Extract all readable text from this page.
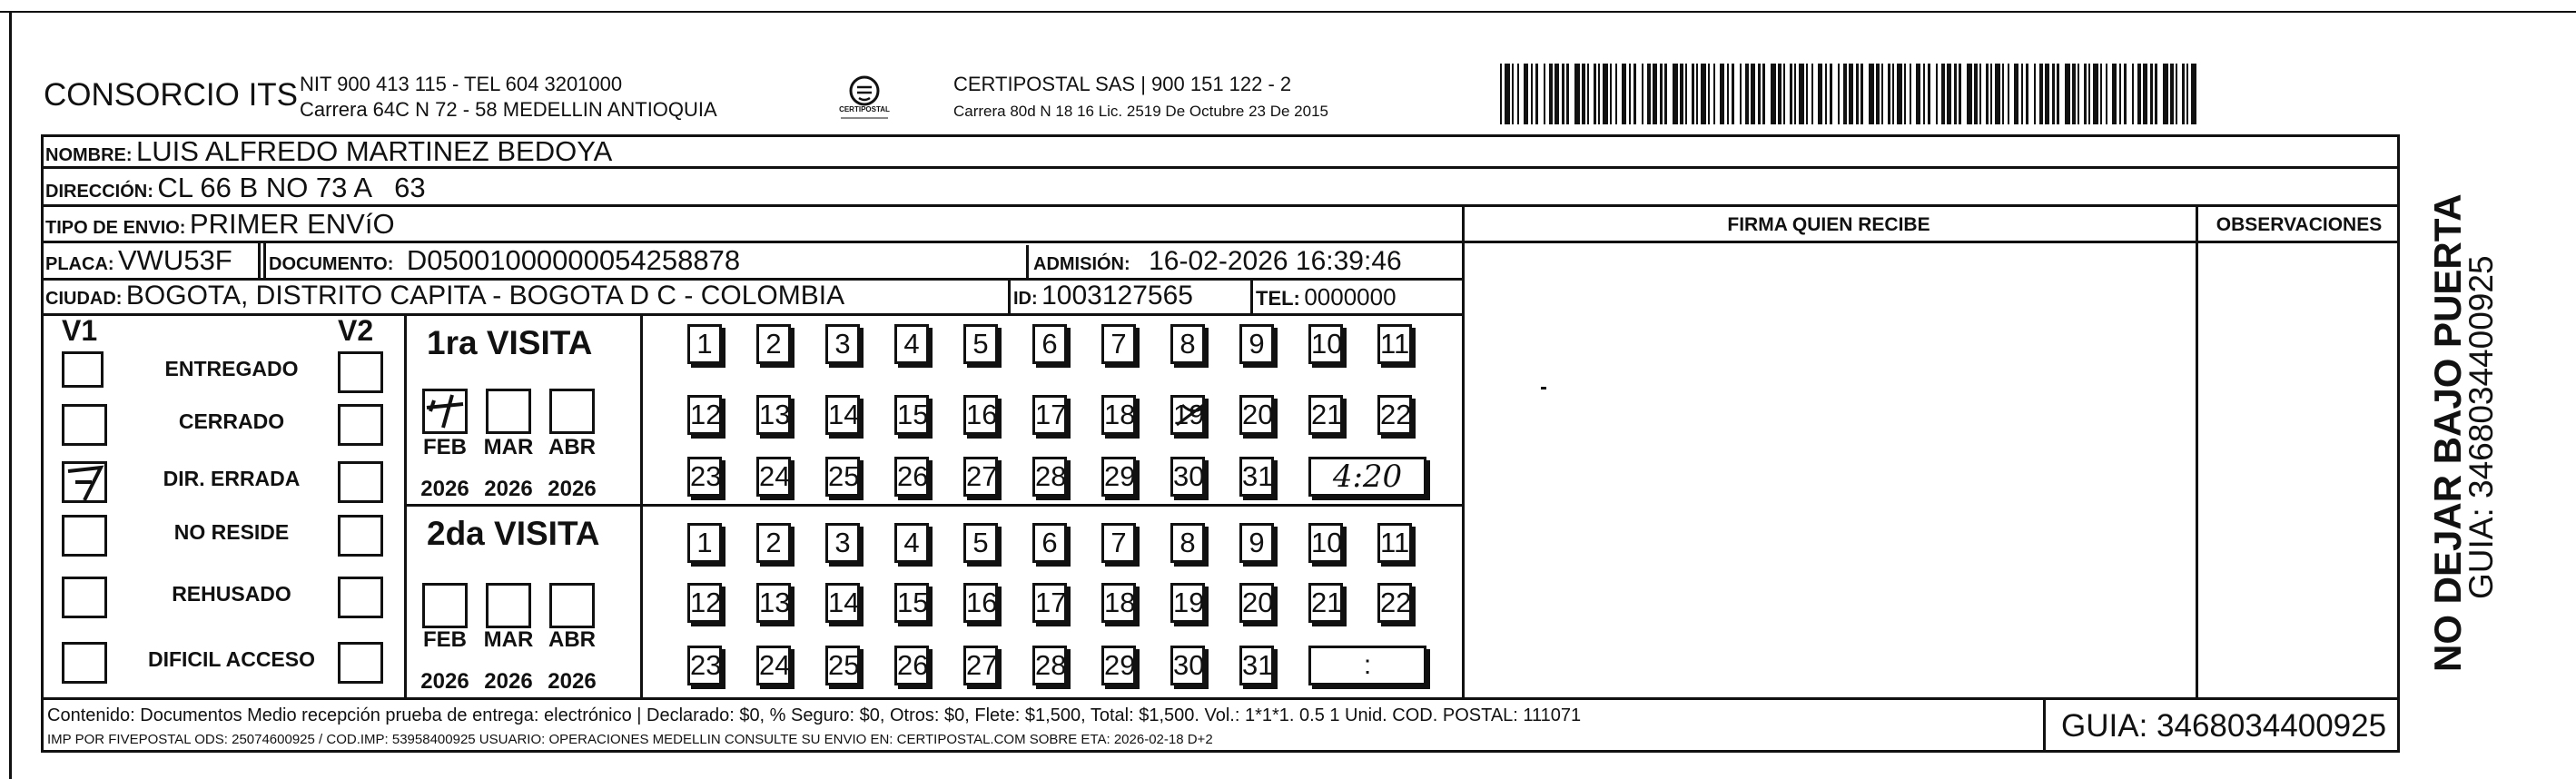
CONSORCIO ITS NIT 900 413 115 - TEL 604 3201000
Carrera 64C N 72 - 58 MEDELLIN ANTIOQUIA	CERTIPOSTAL
CERTIPOSTAL SAS | 900 151 122 - 2
Carrera 80d N 18 16 Lic. 2519 De Octubre 23 De 2015
FIRMA QUIEN RECIBE	OBSERVACIONES
NOMBRE: LUIS ALFREDO MARTINEZ BEDOYA
DIRECCIÓN: CL 66 B NO 73 A   63
TIPO DE ENVIO: PRIMER ENVíO
PLACA: VWU53F DOCUMENTO: D05001000000054258878	ADMISIÓN: 16-02-2026 16:39:46
CIUDAD: BOGOTA, DISTRITO CAPITA - BOGOTA D C - COLOMBIA	ID: 1003127565	TEL: 0000000
V1	V2
ENTREGADO
CERRADO
DIR. ERRADA
NO RESIDE
REHUSADO
DIFICIL ACCESO
1ra VISITA
2da VISITA
FEB
2026
MAR
2026
ABR
2026
FEB
2026
MAR
2026
ABR
2026
1	2	3	4	5	6	7	8	9	10 11
12 13 14 15 16 17 18 19 20 21 22
23 24 25 26 27 28 29 30 31	4:20
1	2	3	4	5	6	7	8	9	10 11
12 13 14 15 16 17 18 19 20 21 22
23 24 25 26 27 28 29 30 31	:
Contenido: Documentos Medio recepción prueba de entrega: electrónico | Declarado: $0, % Seguro: $0, Otros: $0, Flete: $1,500, Total: $1,500. Vol.: 1*1*1. 0.5 1 Unid. COD. POSTAL: 111071
IMP POR FIVEPOSTAL ODS: 25074600925 / COD.IMP: 53958400925 USUARIO: OPERACIONES MEDELLIN CONSULTE SU ENVIO EN: CERTIPOSTAL.COM SOBRE ETA: 2026-02-18 D+2	GUIA: 3468034400925
NO DEJAR BAJO PUERTA
GUIA: 3468034400925
